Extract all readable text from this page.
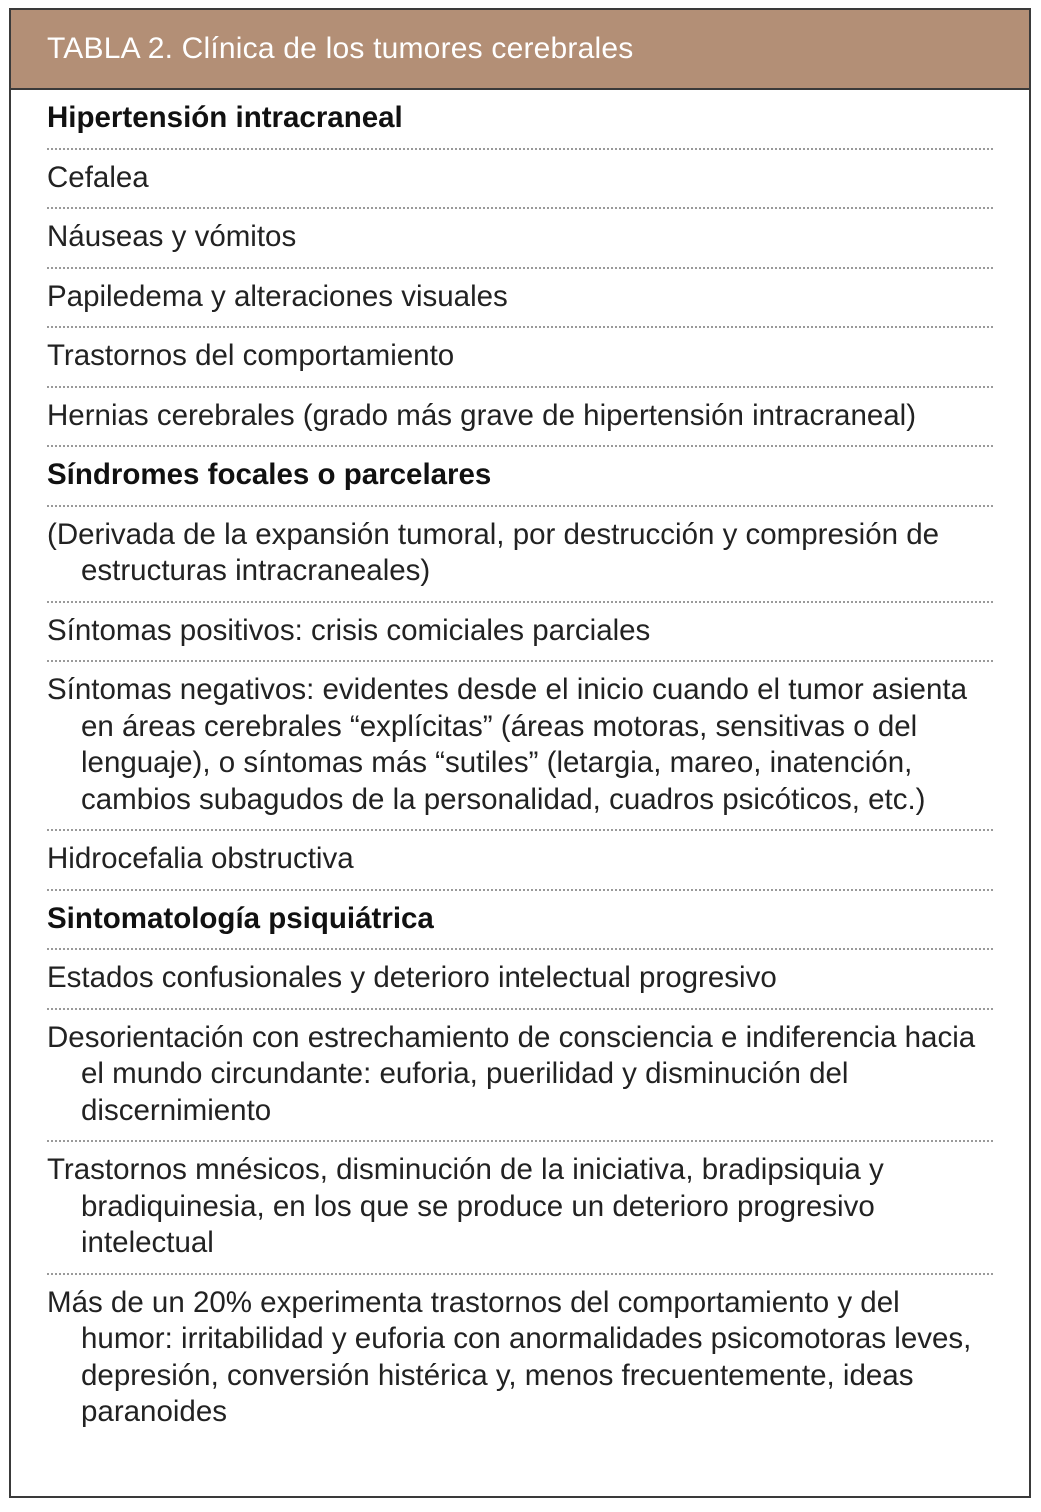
TABLA 2. Clínica de los tumores cerebrales
Hipertensión intracraneal
Cefalea
Náuseas y vómitos
Papiledema y alteraciones visuales
Trastornos del comportamiento
Hernias cerebrales (grado más grave de hipertensión intracraneal)
Síndromes focales o parcelares
(Derivada de la expansión tumoral, por destrucción y compresión de estructuras intracraneales)
Síntomas positivos: crisis comiciales parciales
Síntomas negativos: evidentes desde el inicio cuando el tumor asienta en áreas cerebrales “explícitas” (áreas motoras, sensitivas o del lenguaje), o síntomas más “sutiles” (letargia, mareo, inatención, cambios subagudos de la personalidad, cuadros psicóticos, etc.)
Hidrocefalia obstructiva
Sintomatología psiquiátrica
Estados confusionales y deterioro intelectual progresivo
Desorientación con estrechamiento de consciencia e indiferencia hacia el mundo circundante: euforia, puerilidad y disminución del discernimiento
Trastornos mnésicos, disminución de la iniciativa, bradipsiquia y bradiquinesia, en los que se produce un deterioro progresivo intelectual
Más de un 20% experimenta trastornos del comportamiento y del humor: irritabilidad y euforia con anormalidades psicomotoras leves, depresión, conversión histérica y, menos frecuentemente, ideas paranoides
